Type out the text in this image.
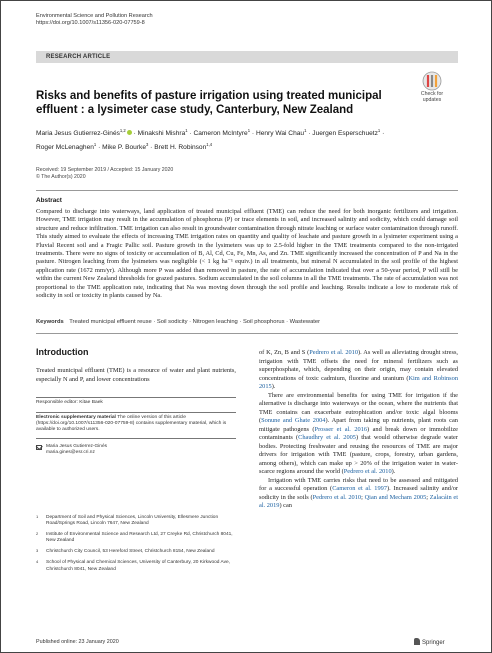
Environmental Science and Pollution Research
https://doi.org/10.1007/s11356-020-07759-8
RESEARCH ARTICLE
Check for
updates
Risks and benefits of pasture irrigation using treated municipal
effluent : a lysimeter case study, Canterbury, New Zealand
Maria Jesus Gutierrez-Ginés$^{1,2}$ · Minakshi Mishra$^1$ · Cameron McIntyre$^1$ · Henry Wai Chau$^1$ · Juergen Esperschuetz$^1$ ·
Roger McLenaghen$^1$ · Mike P. Bourke$^3$ · Brett H. Robinson$^{1,4}$
Received: 19 September 2019 / Accepted: 15 January 2020
© The Author(s) 2020
Abstract
Compared to discharge into waterways, land application of treated municipal effluent (TME) can reduce the need for both inorganic fertilizers and irrigation. However, TME irrigation may result in the accumulation of phosphorus (P) or trace elements in soil, and increased salinity and sodicity, which could damage soil structure and reduce infiltration. TME irrigation can also result in groundwater contamination through nitrate leaching or surface water contamination through runoff. This study aimed to evaluate the effects of increasing TME irrigation rates on quantity and quality of leachate and pasture growth in a lysimeter experiment using a Fluvial Recent soil and a Fragic Pallic soil. Pasture growth in the lysimeters was up to 2.5-fold higher in the TME treatments compared to the non-irrigated treatments. There were no signs of toxicity or accumulation of B, Al, Cd, Cu, Fe, Mn, As, and Zn. TME significantly increased the concentration of P and Na in the pasture. Nitrogen leaching from the lysimeters was negligible (< 1 kg ha⁻¹ equiv.) in all treatments, but mineral N accumulated in the soil profile of the highest application rate (1672 mm/yr). Although more P was added than removed in pasture, the rate of accumulation indicated that over a 50-year period, P will still be within the current New Zealand thresholds for grazed pastures. Sodium accumulated in the soil columns in all the TME treatments. The rate of accumulation was not proportional to the TME application rate, indicating that Na was moving down through the soil profile and leaching. Results indicate a low to moderate risk of sodicity in soil or toxicity in plants caused by Na.
Keywords Treated municipal effluent reuse · Soil sodicity · Nitrogen leaching · Soil phosphorus · Wastewater
Introduction

Treated municipal effluent (TME) is a resource of water and plant nutrients, especially N and P, and lower concentrations

Responsible editor: Kitae Baek
Electronic supplementary material The online version of this article (https://doi.org/10.1007/s11356-020-07759-8) contains supplementary material, which is available to authorized users.
Maria Jesus Gutierrez-Ginés
maria.gines@esr.cri.nz
1 Department of Soil and Physical Sciences, Lincoln University, Ellesmere Junction Road/Springs Road, Lincoln 7647, New Zealand
2 Institute of Environmental Science and Research Ltd, 27 Creyke Rd, Christchurch 8041, New Zealand
3 Christchurch City Council, 53 Hereford Street, Christchurch 8154, New Zealand
4 School of Physical and Chemical Sciences, University of Canterbury, 20 Kirkwood Ave, Christchurch 8041, New Zealand

of K, Zn, B and S (Pedrero et al. 2010). As well as alleviating drought stress, irrigation with TME offsets the need for mineral fertilizers such as superphosphate, which, depending on their origin, may contain elevated concentrations of toxic cadmium, fluorine and uranium (Kim and Robinson 2015).

There are environmental benefits for using TME for irrigation if the alternative is discharge into waterways or the ocean, where the nutrients that TME contains can exacerbate eutrophication and/or toxic algal blooms (Sonune and Ghate 2004). Apart from taking up nutrients, plant roots can mitigate pathogens (Prosser et al. 2016) and break down or immobilize contaminants (Chaudhry et al. 2005) that would otherwise degrade water bodies. Protecting freshwater and reusing the resources of TME are major drivers for irrigation with TME (pasture, crops, forestry, urban gardens, among others), which can make up > 20% of the irrigation water in water-scarce regions around the world (Pedrero et al. 2010).

Irrigation with TME carries risks that need to be assessed and mitigated for a successful operation (Cameron et al. 1997). Increased salinity and/or sodicity in the soils (Pedrero et al. 2010; Qian and Mecham 2005; Zalacáin et al. 2019) can

Published online: 23 January 2020	Springer
